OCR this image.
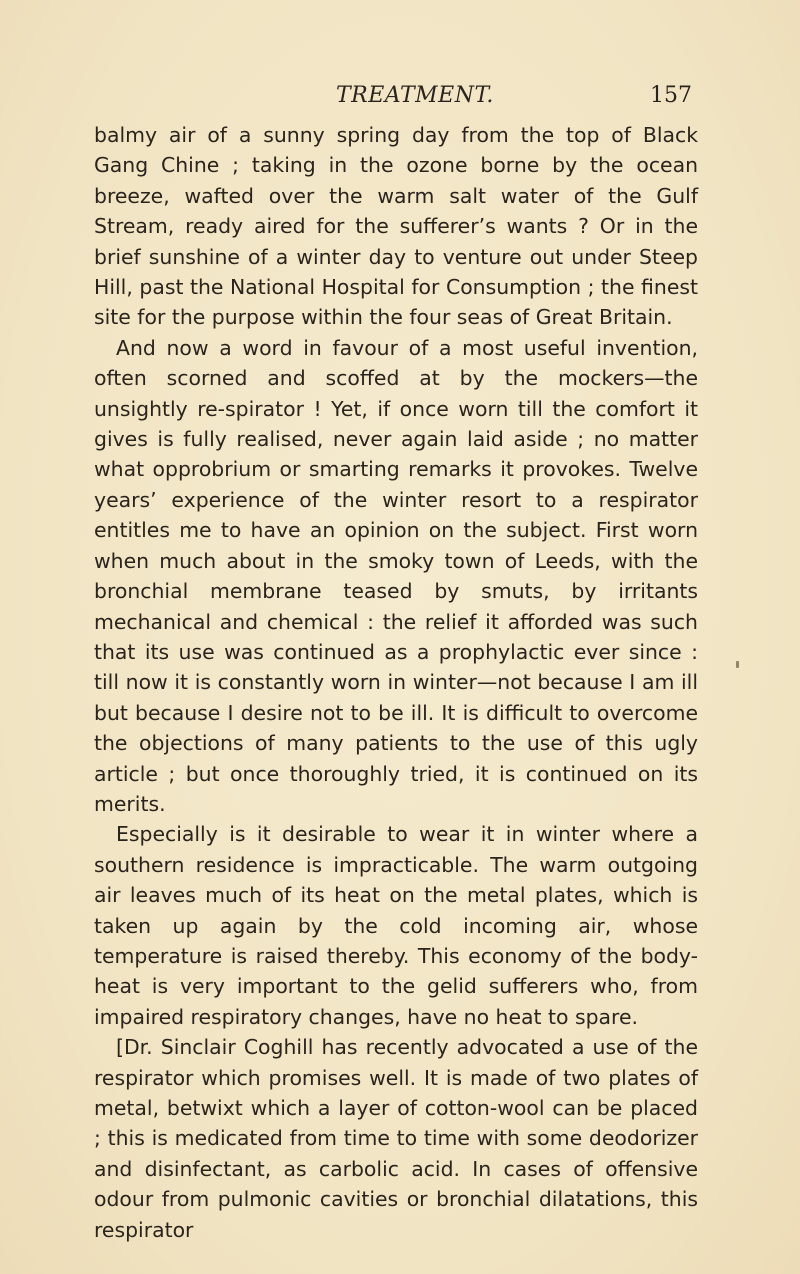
TREATMENT.	157

balmy air of a sunny spring day from the top of Black Gang Chine ; taking in the ozone borne by the ocean breeze, wafted over the warm salt water of the Gulf Stream, ready aired for the sufferer’s wants ? Or in the brief sunshine of a winter day to venture out under Steep Hill, past the National Hospital for Consumption ; the finest site for the purpose within the four seas of Great Britain.

And now a word in favour of a most useful invention, often scorned and scoffed at by the mockers—the unsightly re-spirator ! Yet, if once worn till the comfort it gives is fully realised, never again laid aside ; no matter what opprobrium or smarting remarks it provokes. Twelve years’ experience of the winter resort to a respirator entitles me to have an opinion on the subject. First worn when much about in the smoky town of Leeds, with the bronchial membrane teased by smuts, by irritants mechanical and chemical : the relief it afforded was such that its use was continued as a prophylactic ever since : till now it is constantly worn in winter—not because I am ill but because I desire not to be ill. It is difficult to overcome the objections of many patients to the use of this ugly article ; but once thoroughly tried, it is continued on its merits.

Especially is it desirable to wear it in winter where a southern residence is impracticable. The warm outgoing air leaves much of its heat on the metal plates, which is taken up again by the cold incoming air, whose temperature is raised thereby. This economy of the body-heat is very important to the gelid sufferers who, from impaired respiratory changes, have no heat to spare.

[Dr. Sinclair Coghill has recently advocated a use of the respirator which promises well. It is made of two plates of metal, betwixt which a layer of cotton-wool can be placed ; this is medicated from time to time with some deodorizer and disinfectant, as carbolic acid. In cases of offensive odour from pulmonic cavities or bronchial dilatations, this respirator
